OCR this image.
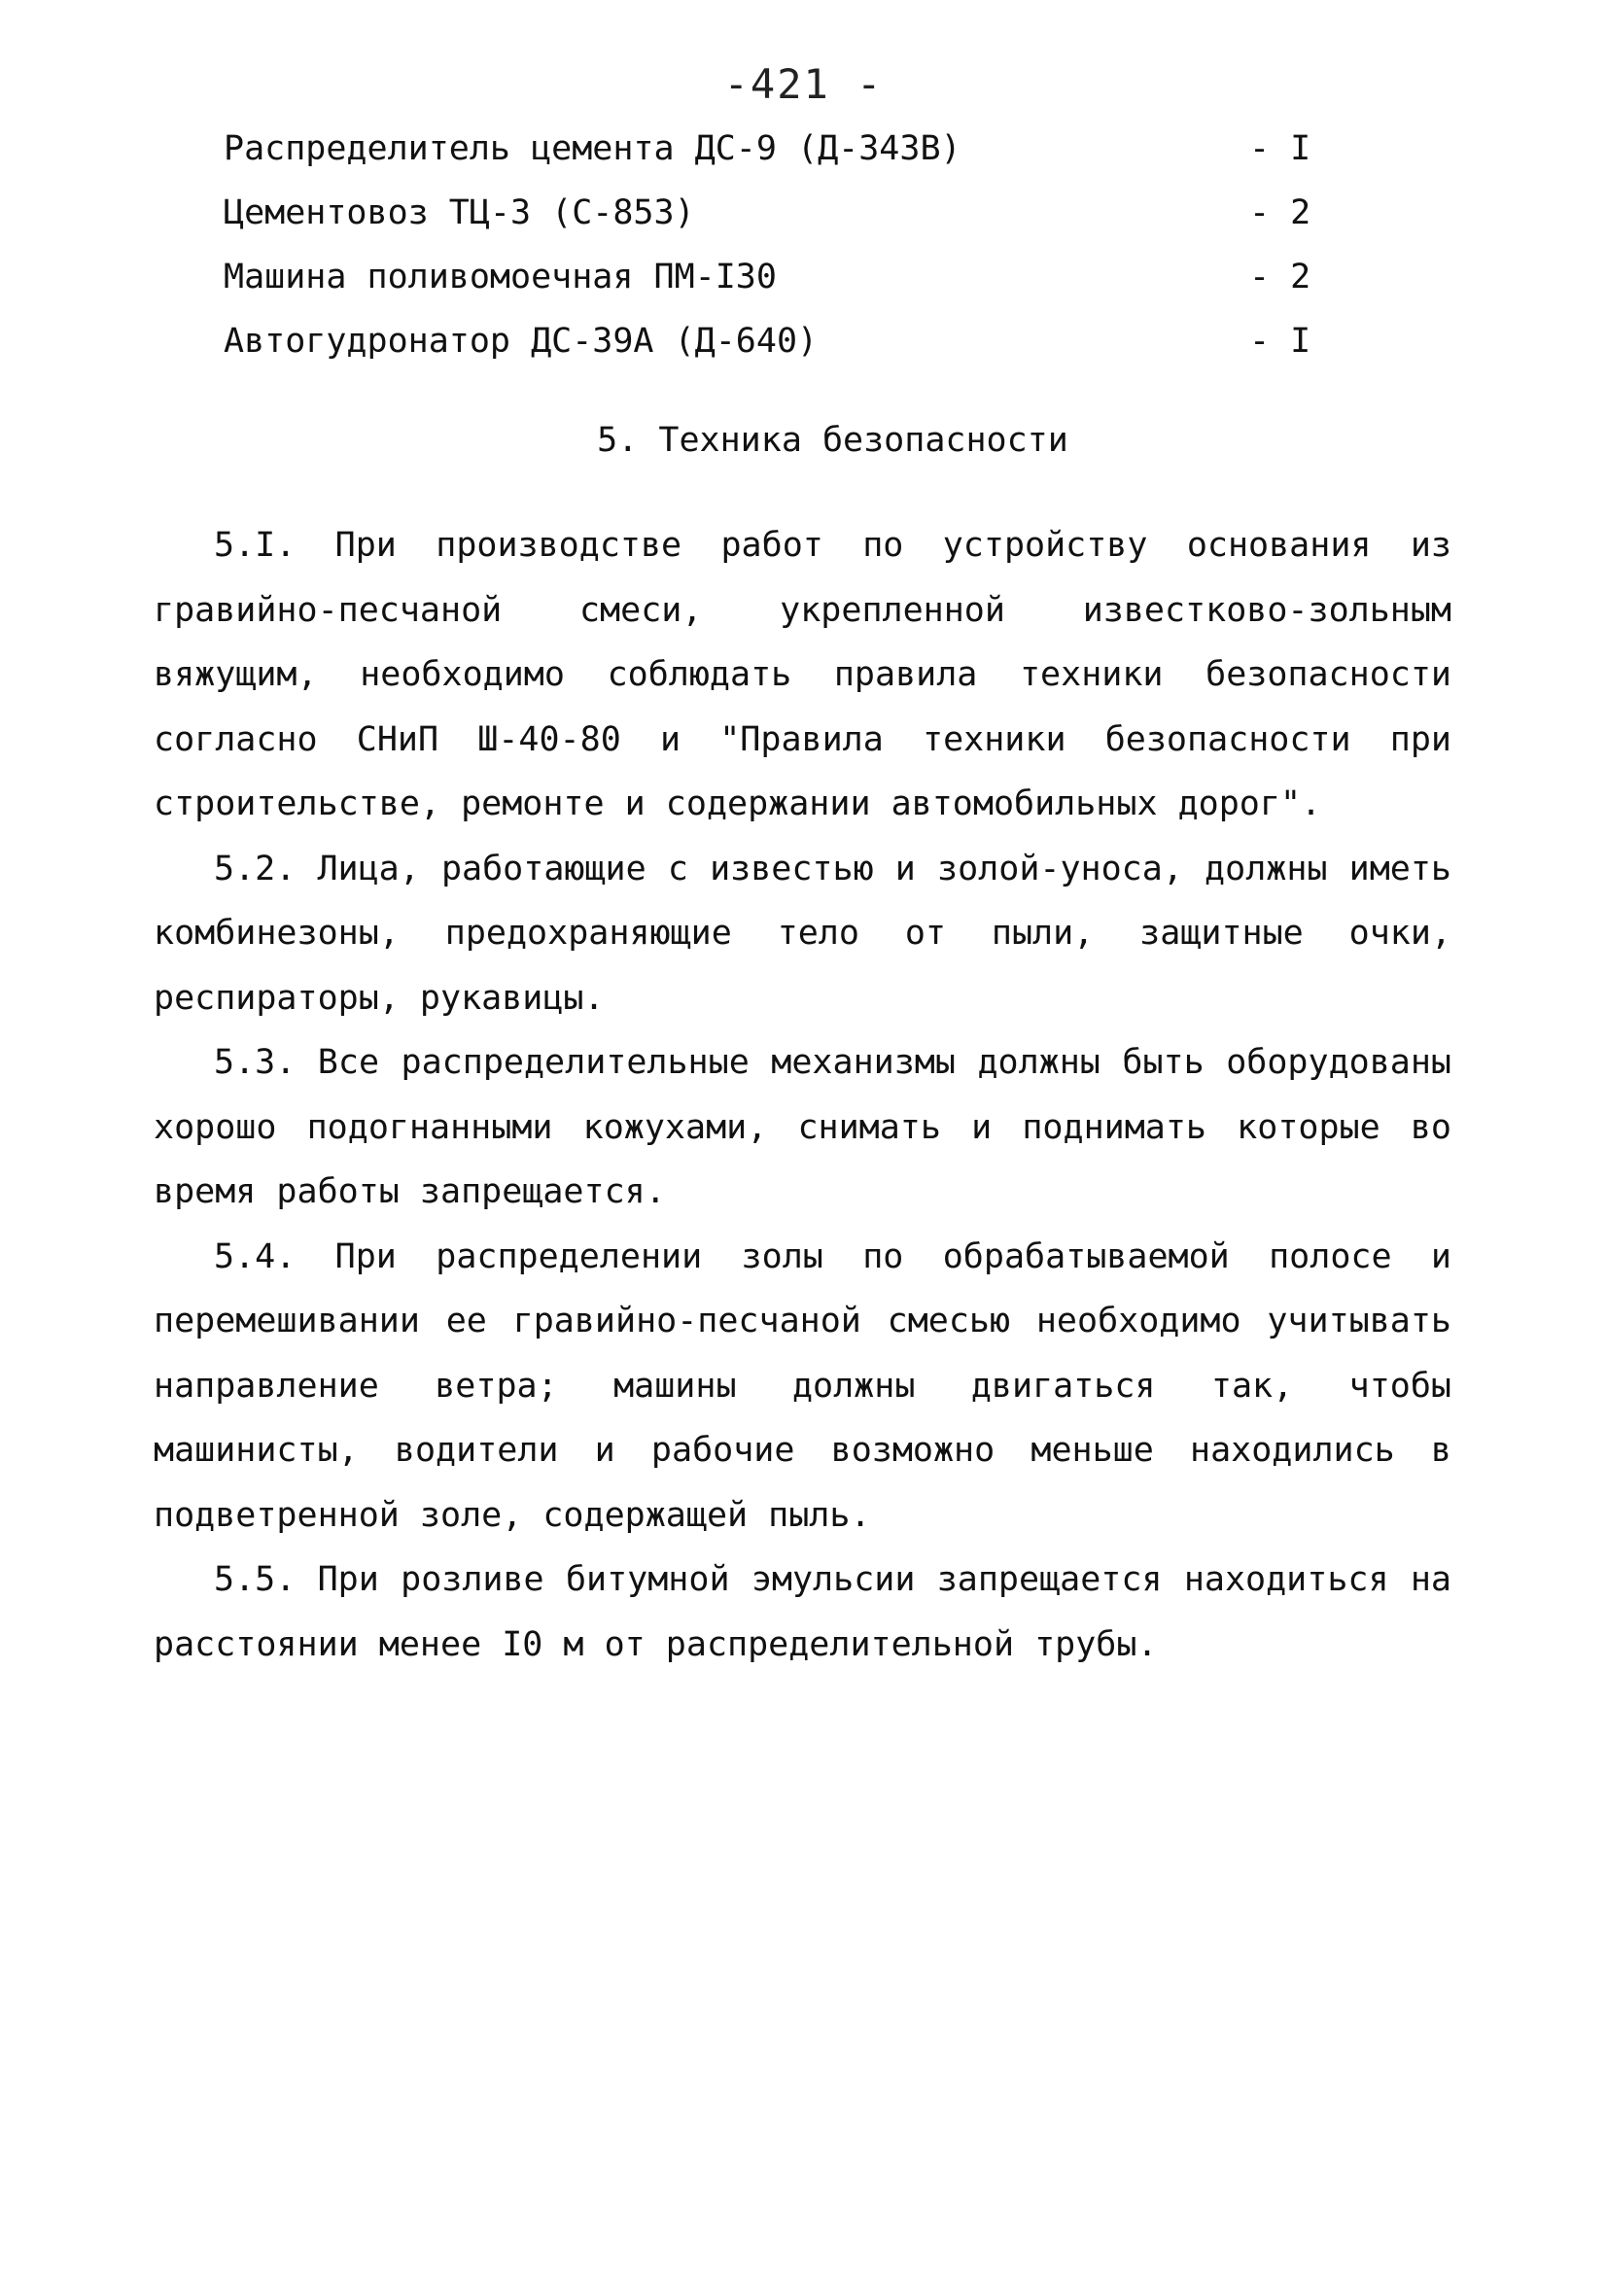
-421 -
Распределитель цемента ДС-9 (Д-343В)	- I
Цементовоз ТЦ-3 (С-853)	- 2
Машина поливомоечная ПМ-I30	- 2
Автогудронатор ДС-39А (Д-640)	- I
5. Техника безопасности

5.I. При производстве работ по устройству основания из гравийно-песчаной смеси, укрепленной известково-зольным вяжущим, необходимо соблюдать правила техники безопасности согласно СНиП Ш-40-80 и "Правила техники безопасности при строительстве, ремонте и содержании автомобильных дорог".

5.2. Лица, работающие с известью и золой-уноса, должны иметь комбинезоны, предохраняющие тело от пыли, защитные очки, респираторы, рукавицы.

5.3. Все распределительные механизмы должны быть оборудованы хорошо подогнанными кожухами, снимать и поднимать которые во время работы запрещается.

5.4. При распределении золы по обрабатываемой полосе и перемешивании ее гравийно-песчаной смесью необходимо учитывать направление ветра; машины должны двигаться так, чтобы машинисты, водители и рабочие возможно меньше находились в подветренной золе, содержащей пыль.

5.5. При розливе битумной эмульсии запрещается находиться на расстоянии менее I0 м от распределительной трубы.
